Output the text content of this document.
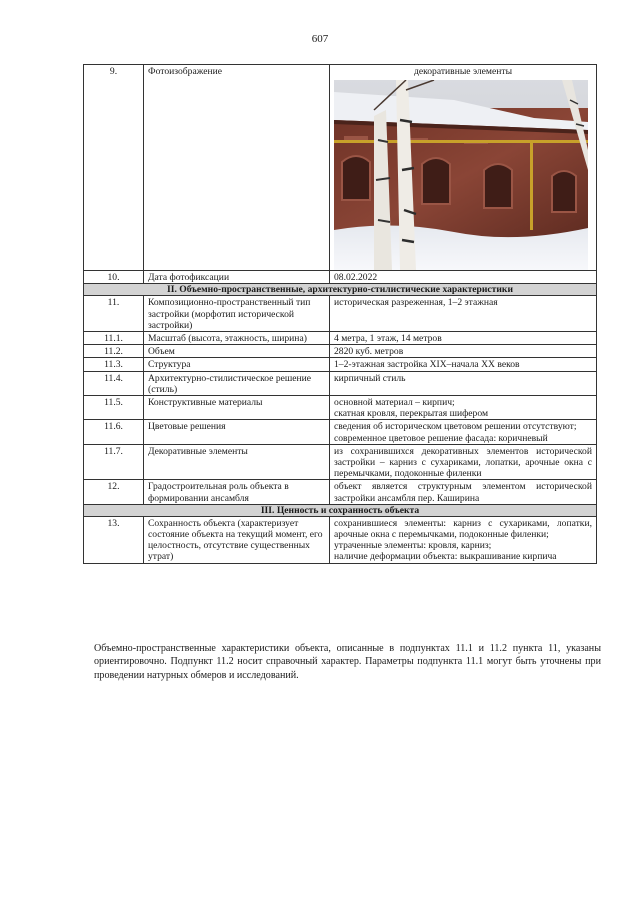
607
9.	Фотоизображение	декоративные элементы

10.	Дата фотофиксации	08.02.2022
II. Объемно-пространственные, архитектурно-стилистические характеристики		
11.	Композиционно-пространственный тип застройки (морфотип исторической застройки)	историческая разреженная, 1–2 этажная
11.1.	Масштаб (высота, этажность, ширина)	4 метра, 1 этаж, 14 метров
11.2.	Объем	2820 куб. метров
11.3.	Структура	1–2-этажная застройка XIX–начала XX веков
11.4.	Архитектурно-стилистическое решение (стиль)	кирпичный стиль
11.5.	Конструктивные материалы	основной материал – кирпич;
скатная кровля, перекрытая шифером

11.6.	Цветовые решения	сведения об историческом цветовом решении отсутствуют;
современное цветовое решение фасада: коричневый

11.7.	Декоративные элементы	из сохранившихся декоративных элементов исторической застройки – карниз с сухариками, лопатки, арочные окна с перемычками, подоконные филенки
12.	Градостроительная роль объекта в формировании ансамбля	объект является структурным элементом исторической застройки ансамбля пер. Каширина
III. Ценность и сохранность объекта		
13.	Сохранность объекта (характеризует состояние объекта на текущий момент, его целостность, отсутствие существенных утрат)	сохранившиеся элементы: карниз с сухариками, лопатки, арочные окна с перемычками, подоконные филенки;
утраченные элементы: кровля, карниз;
наличие деформации объекта: выкрашивание кирпича
Объемно-пространственные характеристики объекта, описанные в подпунктах 11.1 и 11.2 пункта 11, указаны ориентировочно. Подпункт 11.2 носит справочный характер. Параметры подпункта 11.1 могут быть уточнены при проведении натурных обмеров и исследований.
